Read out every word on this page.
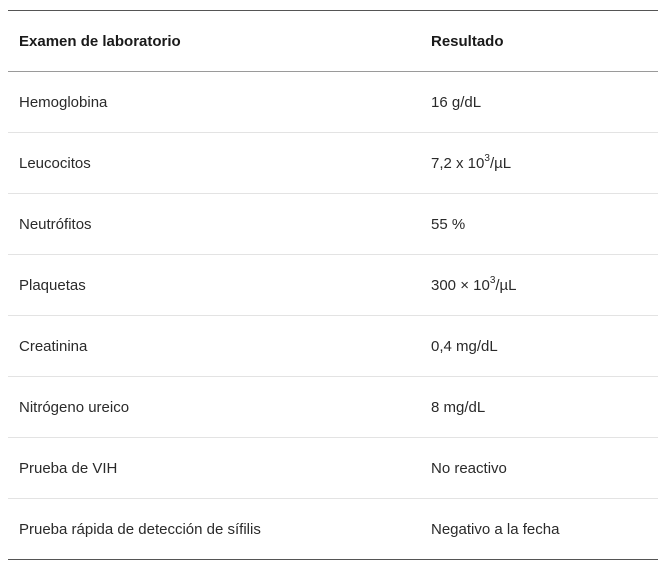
Examen de laboratorio	Resultado
Hemoglobina	16 g/dL
Leucocitos	7,2 x $10^3/\mu L$
Neutrófitos	55 %
Plaquetas	$300 \times 10^3/\mu L$
Creatinina	0,4 mg/dL
Nitrógeno ureico	8 mg/dL
Prueba de VIH	No reactivo
Prueba rápida de detección de sífilis	Negativo a la fecha
